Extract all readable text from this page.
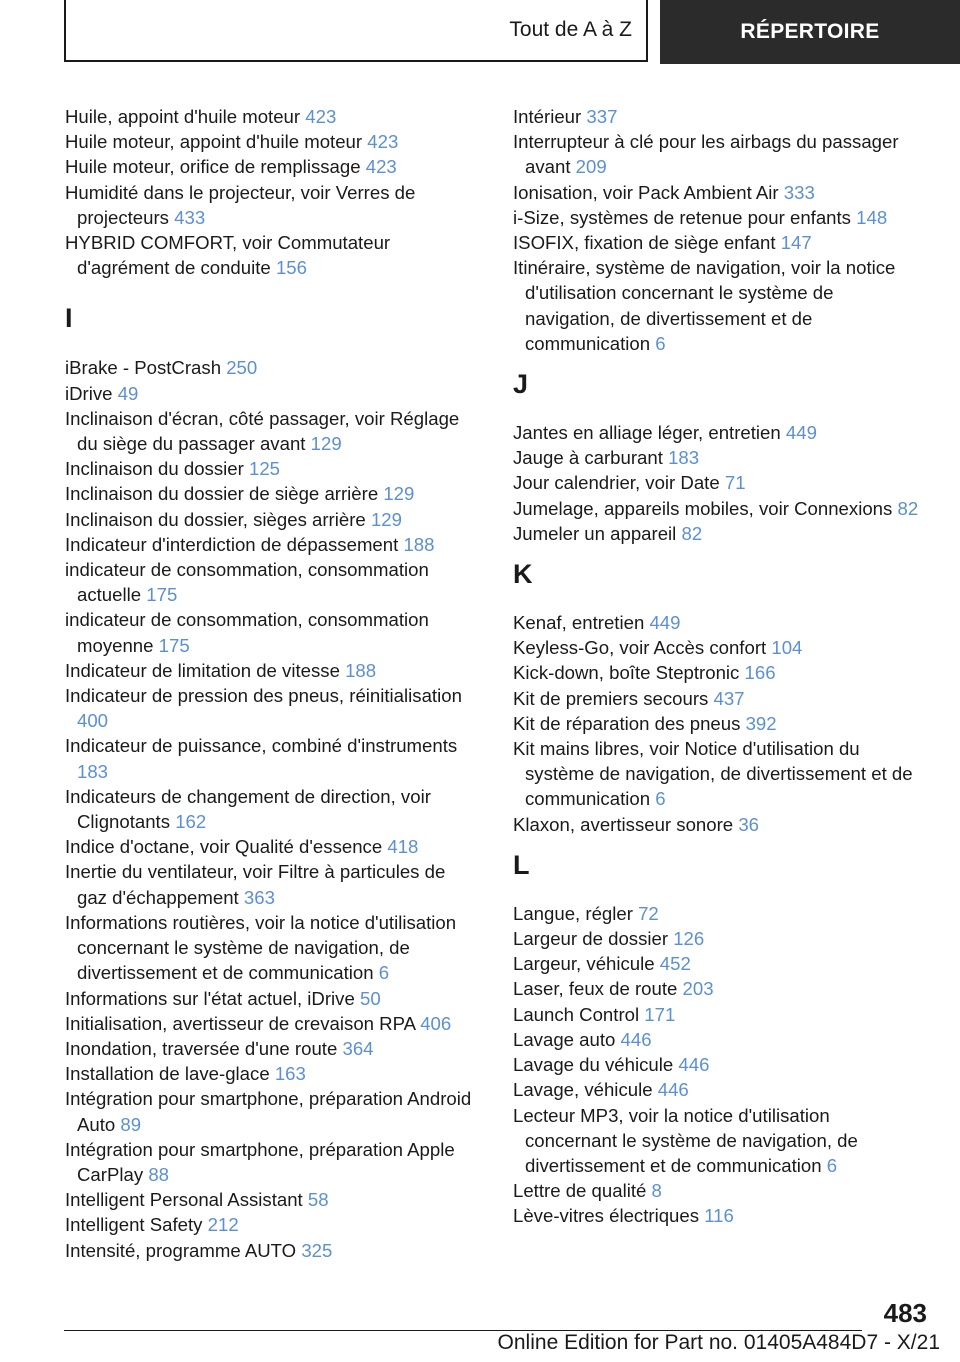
Tout de A à Z	RÉPERTOIRE
Huile, appoint d'huile moteur 423
Huile moteur, appoint d'huile moteur 423
Huile moteur, orifice de remplissage 423
Humidité dans le projecteur, voir Verres de projecteurs 433
HYBRID COMFORT, voir Commutateur d'agrément de conduite 156
I
iBrake - PostCrash 250
iDrive 49
Inclinaison d'écran, côté passager, voir Réglage du siège du passager avant 129
Inclinaison du dossier 125
Inclinaison du dossier de siège arrière 129
Inclinaison du dossier, sièges arrière 129
Indicateur d'interdiction de dépassement 188
indicateur de consommation, consommation actuelle 175
indicateur de consommation, consommation moyenne 175
Indicateur de limitation de vitesse 188
Indicateur de pression des pneus, réinitialisation 400
Indicateur de puissance, combiné d'instruments 183
Indicateurs de changement de direction, voir Clignotants 162
Indice d'octane, voir Qualité d'essence 418
Inertie du ventilateur, voir Filtre à particules de gaz d'échappement 363
Informations routières, voir la notice d'utilisation concernant le système de navigation, de divertissement et de communication 6
Informations sur l'état actuel, iDrive 50
Initialisation, avertisseur de crevaison RPA 406
Inondation, traversée d'une route 364
Installation de lave-glace 163
Intégration pour smartphone, préparation Android Auto 89
Intégration pour smartphone, préparation Apple CarPlay 88
Intelligent Personal Assistant 58
Intelligent Safety 212
Intensité, programme AUTO 325
Intérieur 337
Interrupteur à clé pour les airbags du passager avant 209
Ionisation, voir Pack Ambient Air 333
i-Size, systèmes de retenue pour enfants 148
ISOFIX, fixation de siège enfant 147
Itinéraire, système de navigation, voir la notice d'utilisation concernant le système de navigation, de divertissement et de communication 6
J
Jantes en alliage léger, entretien 449
Jauge à carburant 183
Jour calendrier, voir Date 71
Jumelage, appareils mobiles, voir Connexions 82
Jumeler un appareil 82
K
Kenaf, entretien 449
Keyless-Go, voir Accès confort 104
Kick-down, boîte Steptronic 166
Kit de premiers secours 437
Kit de réparation des pneus 392
Kit mains libres, voir Notice d'utilisation du système de navigation, de divertissement et de communication 6
Klaxon, avertisseur sonore 36
L
Langue, régler 72
Largeur de dossier 126
Largeur, véhicule 452
Laser, feux de route 203
Launch Control 171
Lavage auto 446
Lavage du véhicule 446
Lavage, véhicule 446
Lecteur MP3, voir la notice d'utilisation concernant le système de navigation, de divertissement et de communication 6
Lettre de qualité 8
Lève-vitres électriques 116
483
Online Edition for Part no. 01405A484D7 - X/21
